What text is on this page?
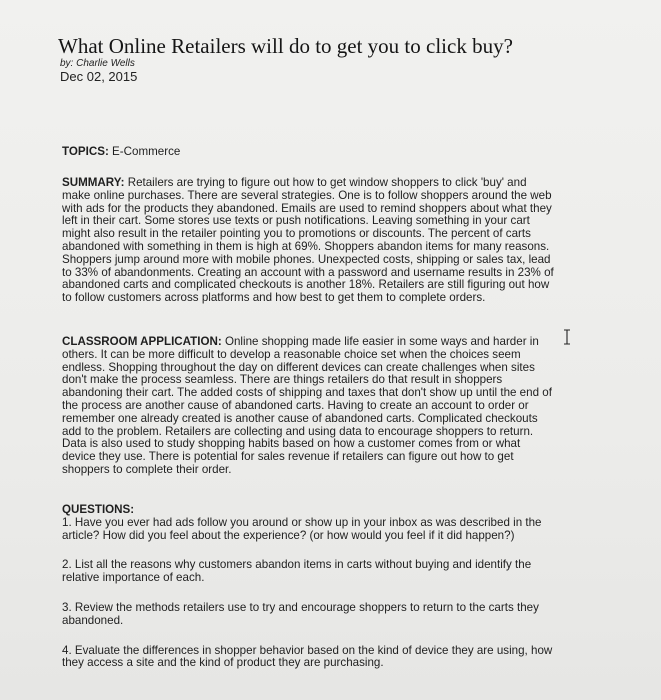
What Online Retailers will do to get you to click buy?
by: Charlie Wells
Dec 02, 2015
TOPICS: E-Commerce
SUMMARY: Retailers are trying to figure out how to get window shoppers to click 'buy' and
make online purchases. There are several strategies. One is to follow shoppers around the web
with ads for the products they abandoned. Emails are used to remind shoppers about what they
left in their cart. Some stores use texts or push notifications. Leaving something in your cart
might also result in the retailer pointing you to promotions or discounts. The percent of carts
abandoned with something in them is high at 69%. Shoppers abandon items for many reasons.
Shoppers jump around more with mobile phones. Unexpected costs, shipping or sales tax, lead
to 33% of abandonments. Creating an account with a password and username results in 23% of
abandoned carts and complicated checkouts is another 18%. Retailers are still figuring out how
to follow customers across platforms and how best to get them to complete orders.
CLASSROOM APPLICATION: Online shopping made life easier in some ways and harder in
others. It can be more difficult to develop a reasonable choice set when the choices seem
endless. Shopping throughout the day on different devices can create challenges when sites
don't make the process seamless. There are things retailers do that result in shoppers
abandoning their cart. The added costs of shipping and taxes that don't show up until the end of
the process are another cause of abandoned carts. Having to create an account to order or
remember one already created is another cause of abandoned carts. Complicated checkouts
add to the problem. Retailers are collecting and using data to encourage shoppers to return.
Data is also used to study shopping habits based on how a customer comes from or what
device they use. There is potential for sales revenue if retailers can figure out how to get
shoppers to complete their order.
QUESTIONS:
1. Have you ever had ads follow you around or show up in your inbox as was described in the
article? How did you feel about the experience? (or how would you feel if it did happen?)
2. List all the reasons why customers abandon items in carts without buying and identify the
relative importance of each.
3. Review the methods retailers use to try and encourage shoppers to return to the carts they
abandoned.
4. Evaluate the differences in shopper behavior based on the kind of device they are using, how
they access a site and the kind of product they are purchasing.
